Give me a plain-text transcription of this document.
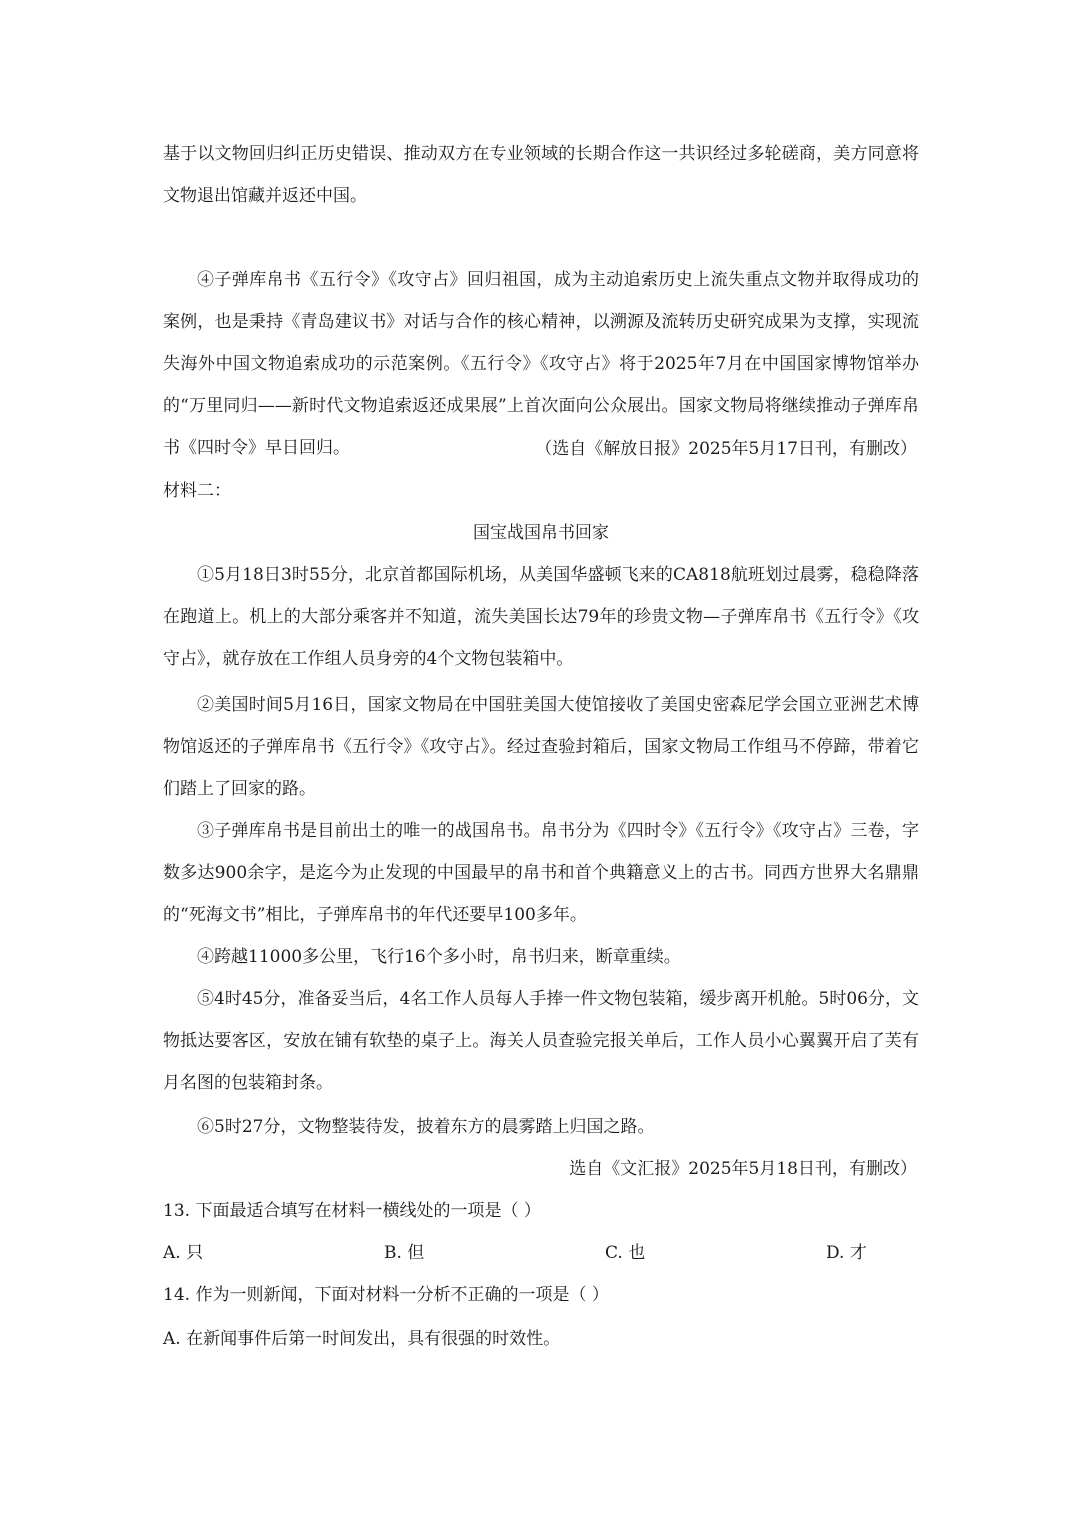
基于以文物回归纠正历史错误、推动双方在专业领域的长期合作这一共识经过多轮磋商，美方同意将文物退出馆藏并返还中国。

④子弹库帛书《五行令》《攻守占》回归祖国，成为主动追索历史上流失重点文物并取得成功的案例，也是秉持《青岛建议书》对话与合作的核心精神，以溯源及流转历史研究成果为支撑，实现流失海外中国文物追索成功的示范案例。《五行令》《攻守占》将于2025年7月在中国国家博物馆举办的“万里同归——新时代文物追索返还成果展”上首次面向公众展出。国家文物局将继续推动子弹库帛书《四时令》早日回归。	（选自《解放日报》2025年5月17日刊，有删改）
材料二：
国宝战国帛书回家

①5月18日3时55分，北京首都国际机场，从美国华盛顿飞来的CA818航班划过晨雾，稳稳降落在跑道上。机上的大部分乘客并不知道，流失美国长达79年的珍贵文物—子弹库帛书《五行令》《攻守占》，就存放在工作组人员身旁的4个文物包装箱中。

②美国时间5月16日，国家文物局在中国驻美国大使馆接收了美国史密森尼学会国立亚洲艺术博物馆返还的子弹库帛书《五行令》《攻守占》。经过查验封箱后，国家文物局工作组马不停蹄，带着它们踏上了回家的路。

③子弹库帛书是目前出土的唯一的战国帛书。帛书分为《四时令》《五行令》《攻守占》三卷，字数多达900余字，是迄今为止发现的中国最早的帛书和首个典籍意义上的古书。同西方世界大名鼎鼎的“死海文书”相比，子弹库帛书的年代还要早100多年。

④跨越11000多公里，飞行16个多小时，帛书归来，断章重续。

⑤4时45分，准备妥当后，4名工作人员每人手捧一件文物包装箱，缓步离开机舱。5时06分，文物抵达要客区，安放在铺有软垫的桌子上。海关人员查验完报关单后，工作人员小心翼翼开启了芙有月名图的包装箱封条。

⑥5时27分，文物整装待发，披着东方的晨雾踏上归国之路。

选自《文汇报》2025年5月18日刊，有删改）
13. 下面最适合填写在材料一横线处的一项是（ ）
A. 只	B. 但	C. 也	D. 才
14. 作为一则新闻，下面对材料一分析不正确的一项是（ ）
A. 在新闻事件后第一时间发出，具有很强的时效性。
